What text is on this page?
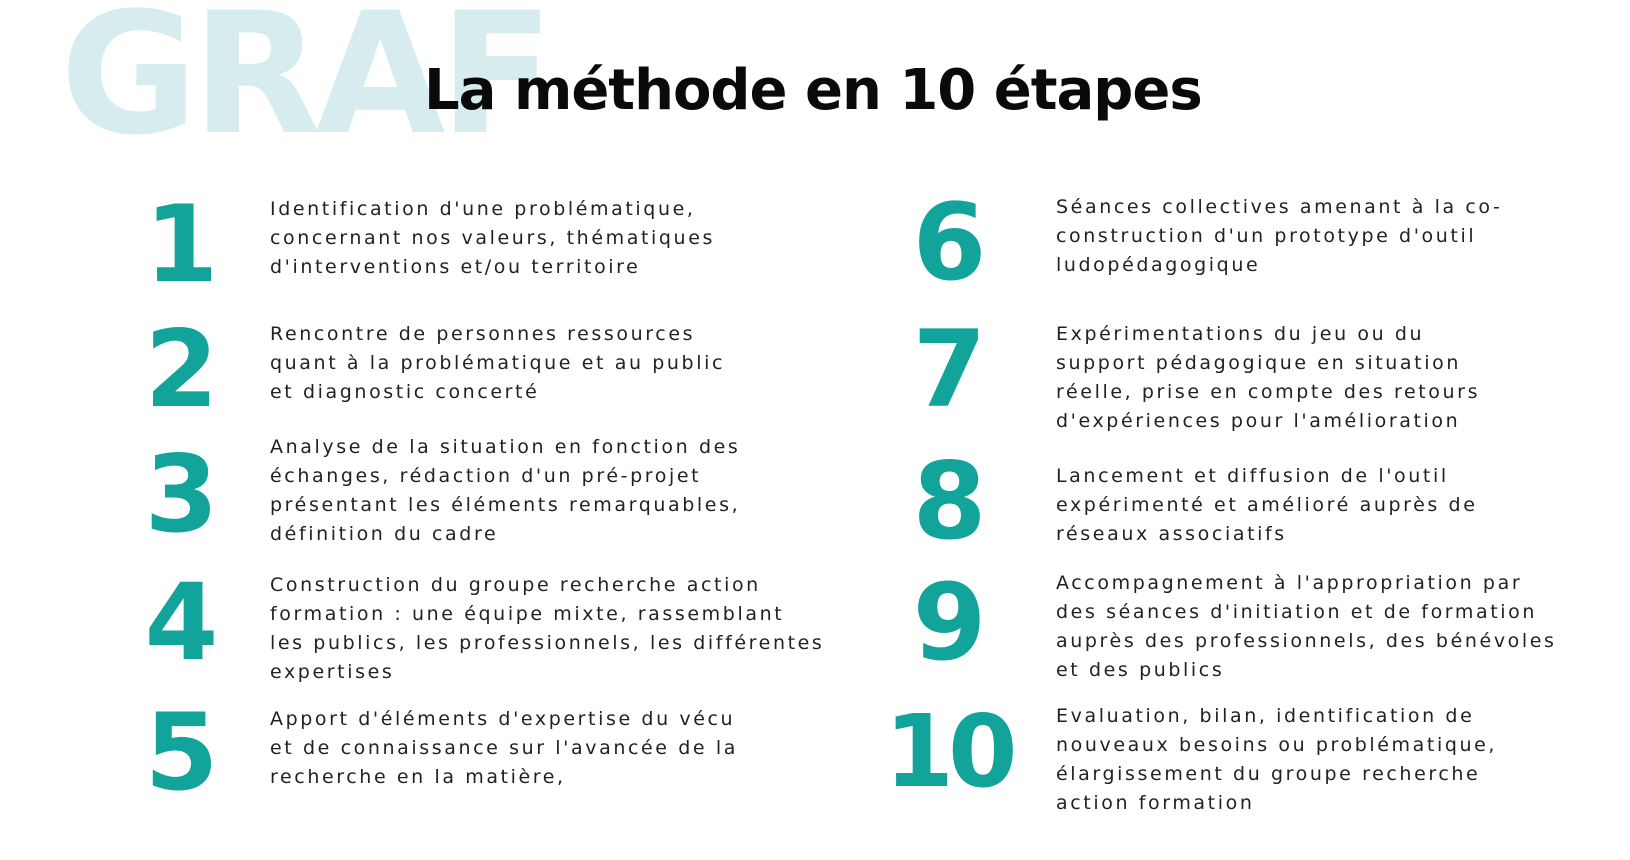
GRAF
La méthode en 10 étapes
1	Identification d'une problématique,
concernant nos valeurs, thématiques
d'interventions et/ou territoire
2	Rencontre de personnes ressources
quant à la problématique et au public
et diagnostic concerté
3	Analyse de la situation en fonction des
échanges, rédaction d'un pré-projet
présentant les éléments remarquables,
définition du cadre
4	Construction du groupe recherche action
formation : une équipe mixte, rassemblant
les publics, les professionnels, les différentes
expertises
5	Apport d'éléments d'expertise du vécu
et de connaissance sur l'avancée de la
recherche en la matière,
6	Séances collectives amenant à la co-
construction d'un prototype d'outil
ludopédagogique
7	Expérimentations du jeu ou du
support pédagogique en situation
réelle, prise en compte des retours
d'expériences pour l'amélioration
8	Lancement et diffusion de l'outil
expérimenté et amélioré auprès de
réseaux associatifs
9	Accompagnement à l'appropriation par
des séances d'initiation et de formation
auprès des professionnels, des bénévoles
et des publics
10	Evaluation, bilan, identification de
nouveaux besoins ou problématique,
élargissement du groupe recherche
action formation
